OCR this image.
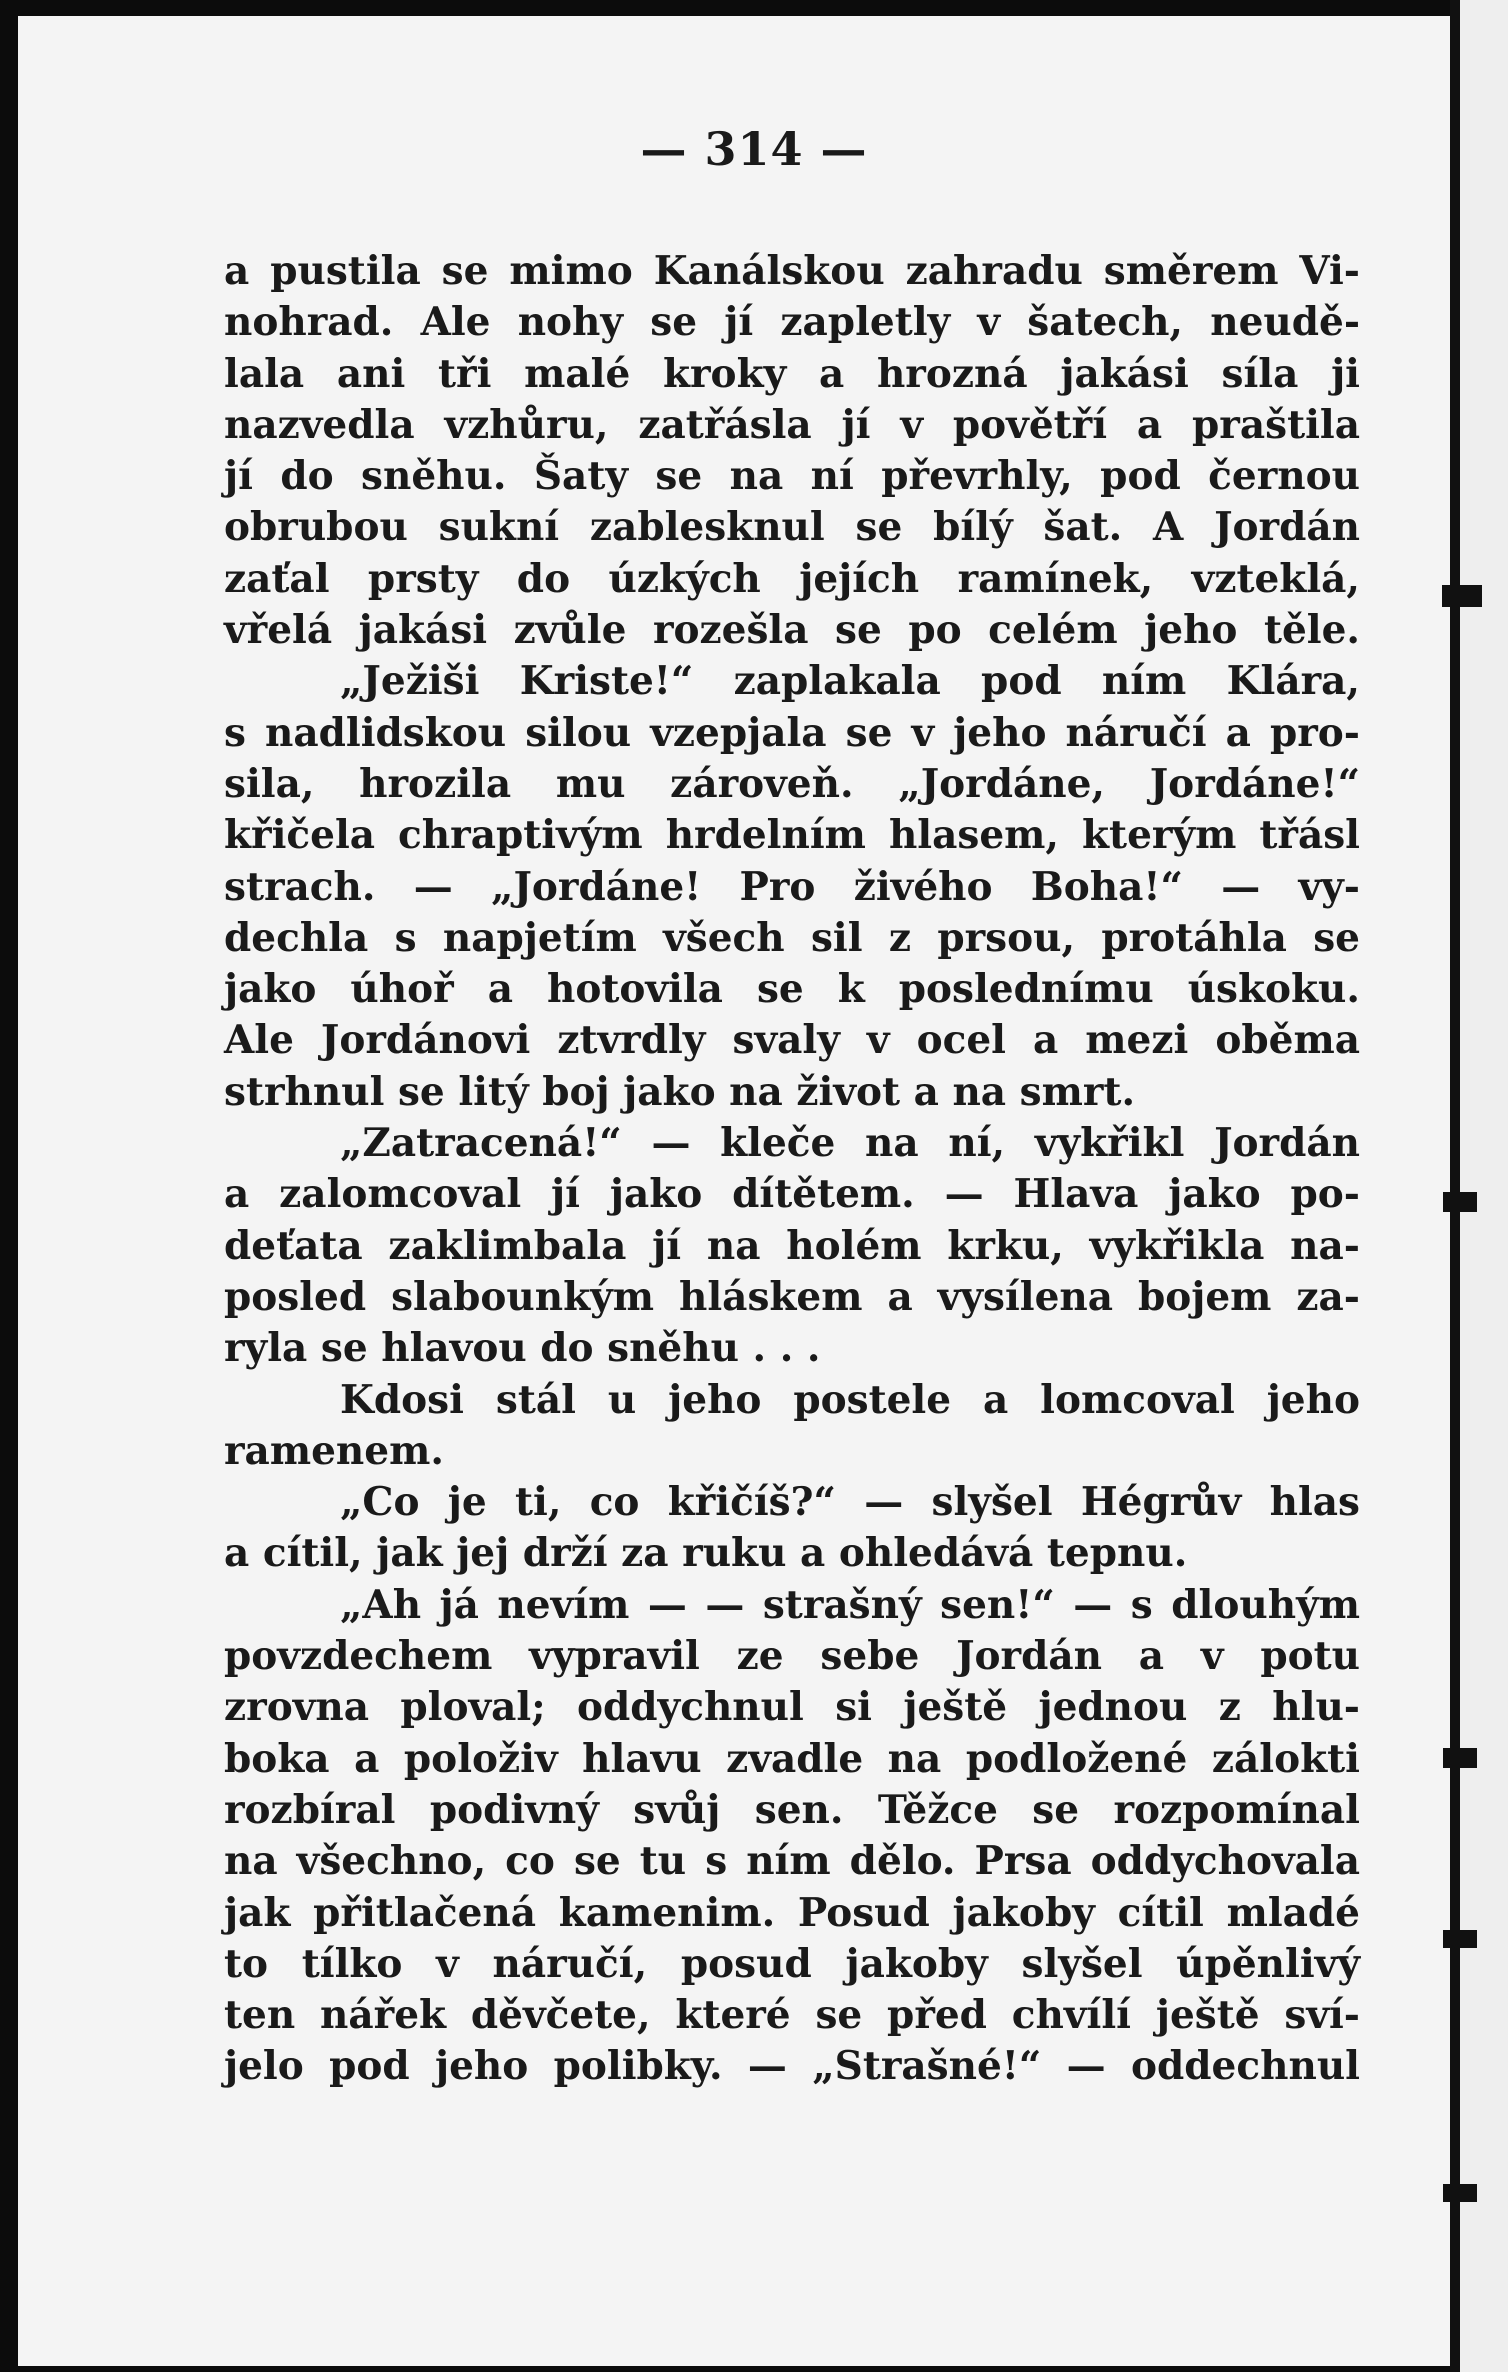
— 314 —
a pustila se mimo Kanálskou zahradu směrem Vi-
nohrad. Ale nohy se jí zapletly v šatech, neudě-
lala ani tři malé kroky a hrozná jakási síla ji
nazvedla vzhůru, zatřásla jí v povětří a praštila
jí do sněhu. Šaty se na ní převrhly, pod černou
obrubou sukní zablesknul se bílý šat. A Jordán
zaťal prsty do úzkých jejích ramínek, vzteklá,
vřelá jakási zvůle rozešla se po celém jeho těle.
„Ježiši Kriste!“ zaplakala pod ním Klára,
s nadlidskou silou vzepjala se v jeho náručí a pro-
sila, hrozila mu zároveň. „Jordáne, Jordáne!“
křičela chraptivým hrdelním hlasem, kterým třásl
strach. — „Jordáne! Pro živého Boha!“ — vy-
dechla s napjetím všech sil z prsou, protáhla se
jako úhoř a hotovila se k poslednímu úskoku.
Ale Jordánovi ztvrdly svaly v ocel a mezi oběma
strhnul se litý boj jako na život a na smrt.
„Zatracená!“ — kleče na ní, vykřikl Jordán
a zalomcoval jí jako dítětem. — Hlava jako po-
deťata zaklimbala jí na holém krku, vykřikla na-
posled slabounkým hláskem a vysílena bojem za-
ryla se hlavou do sněhu . . .
Kdosi stál u jeho postele a lomcoval jeho
ramenem.
„Co je ti, co křičíš?“ — slyšel Hégrův hlas
a cítil, jak jej drží za ruku a ohledává tepnu.
„Ah já nevím — — strašný sen!“ — s dlouhým
povzdechem vypravil ze sebe Jordán a v potu
zrovna ploval; oddychnul si ještě jednou z hlu-
boka a položiv hlavu zvadle na podložené zálokti
rozbíral podivný svůj sen. Těžce se rozpomínal
na všechno, co se tu s ním dělo. Prsa oddychovala
jak přitlačená kamenim. Posud jakoby cítil mladé
to tílko v náručí, posud jakoby slyšel úpěnlivý
ten nářek děvčete, které se před chvílí ještě sví-
jelo pod jeho polibky. — „Strašné!“ — oddechnul
